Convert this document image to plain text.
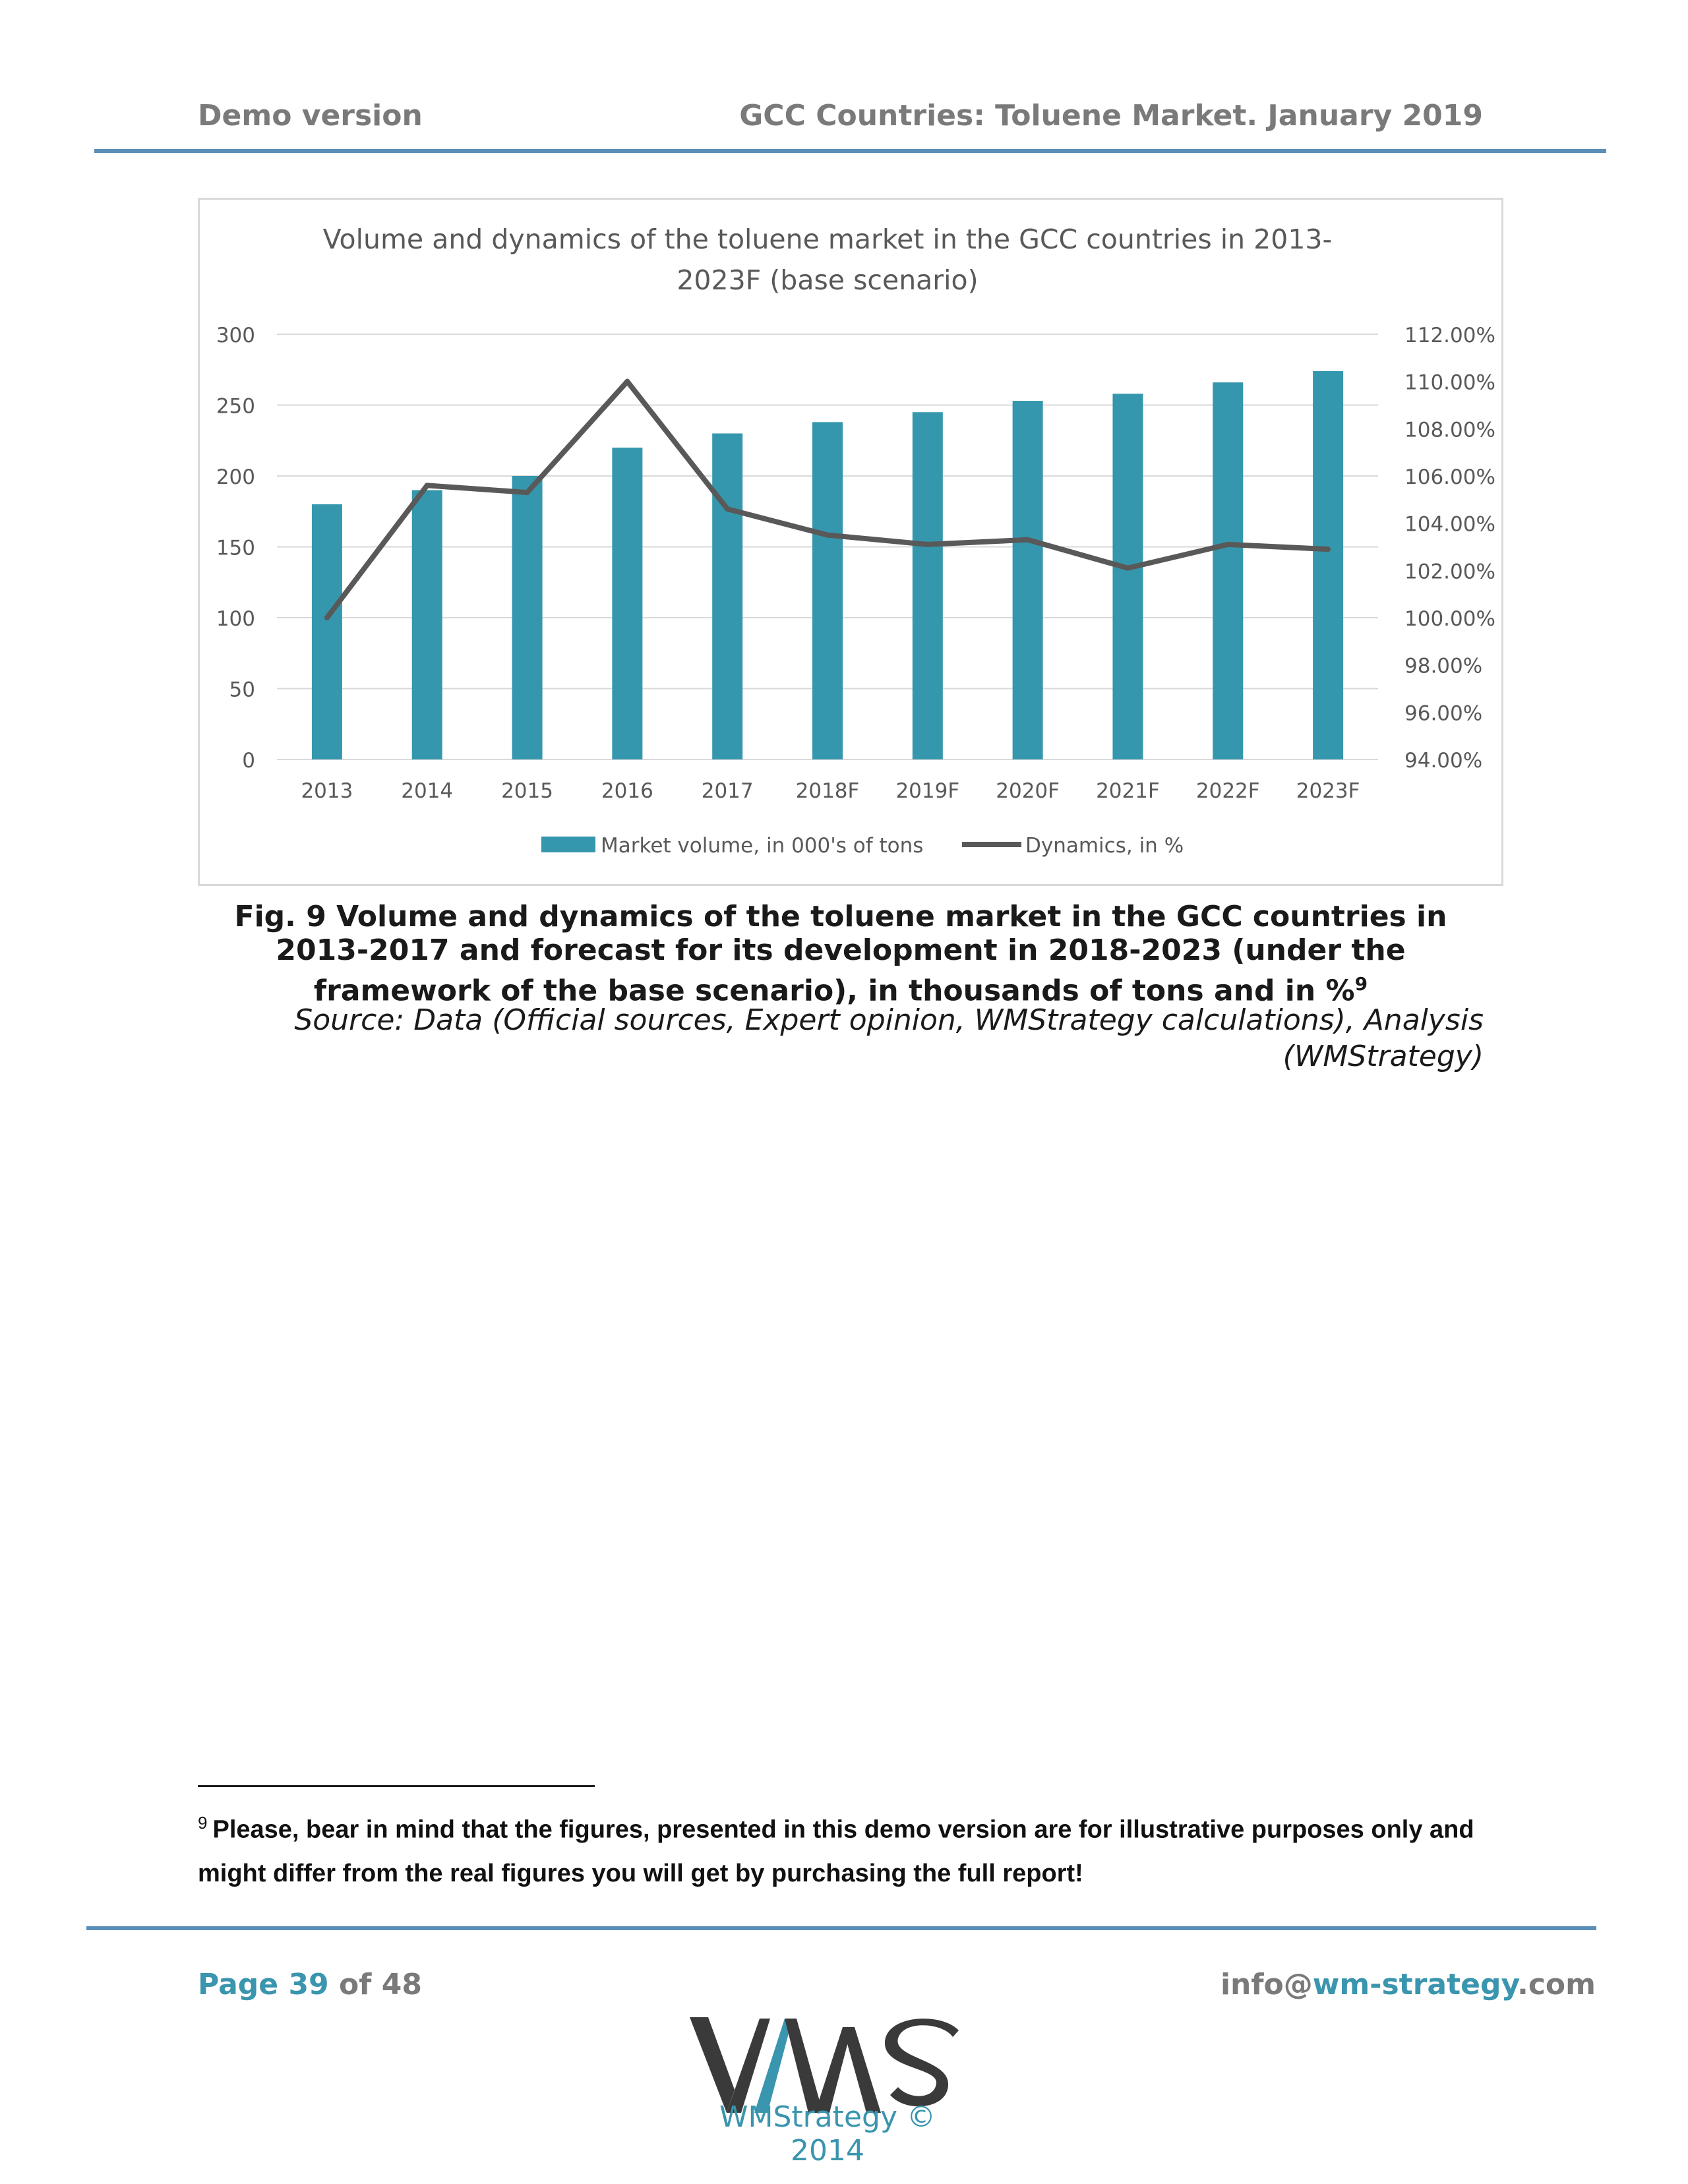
Demo version	GCC Countries: Toluene Market. January 2019
Volume and dynamics of the toluene market in the GCC countries in 2013-
2023F (base scenario)
0
50
100
150
200
250
300
94.00%
96.00%
98.00%
100.00%
102.00%
104.00%
106.00%
108.00%
110.00%
112.00%
2013 2014 2015 2016 2017 2018F 2019F 2020F 2021F 2022F 2023F
Market volume, in 000's of tons	Dynamics, in %
Fig. 9 Volume and dynamics of the toluene market in the GCC countries in 2013-2017 and forecast for its development in 2018-2023 (under the framework of the base scenario), in thousands of tons and in %$^9$
Source: Data (Official sources, Expert opinion, WMStrategy calculations), Analysis (WMStrategy)
$^9$ Please, bear in mind that the figures, presented in this demo version are for illustrative purposes only and might differ from the real figures you will get by purchasing the full report!
Page 39 of 48	info@wm-strategy.com
WMStrategy © 2014
